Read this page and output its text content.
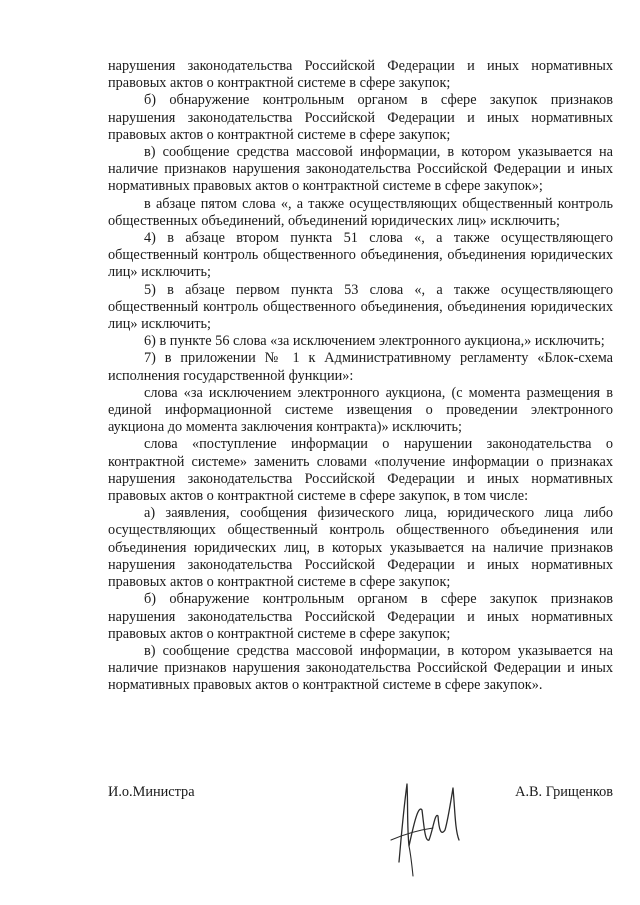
нарушения законодательства Российской Федерации и иных нормативных правовых актов о контрактной системе в сфере закупок;

б) обнаружение контрольным органом в сфере закупок признаков нарушения законодательства Российской Федерации и иных нормативных правовых актов о контрактной системе в сфере закупок;

в) сообщение средства массовой информации, в котором указывается на наличие признаков нарушения законодательства Российской Федерации и иных нормативных правовых актов о контрактной системе в сфере закупок»;

в абзаце пятом слова «, а также осуществляющих общественный контроль общественных объединений, объединений юридических лиц» исключить;

4) в абзаце втором пункта 51 слова «, а также осуществляющего общественный контроль общественного объединения, объединения юридических лиц» исключить;

5) в абзаце первом пункта 53 слова «, а также осуществляющего общественный контроль общественного объединения, объединения юридических лиц» исключить;

6) в пункте 56 слова «за исключением электронного аукциона,» исключить;

7) в приложении № 1 к Административному регламенту «Блок-схема исполнения государственной функции»:

слова «за исключением электронного аукциона, (с момента размещения в единой информационной системе извещения о проведении электронного аукциона до момента заключения контракта)» исключить;

слова «поступление информации о нарушении законодательства о контрактной системе» заменить словами «получение информации о признаках нарушения законодательства Российской Федерации и иных нормативных правовых актов о контрактной системе в сфере закупок, в том числе:

а) заявления, сообщения физического лица, юридического лица либо осуществляющих общественный контроль общественного объединения или объединения юридических лиц, в которых указывается на наличие признаков нарушения законодательства Российской Федерации и иных нормативных правовых актов о контрактной системе в сфере закупок;

б) обнаружение контрольным органом в сфере закупок признаков нарушения законодательства Российской Федерации и иных нормативных правовых актов о контрактной системе в сфере закупок;

в) сообщение средства массовой информации, в котором указывается на наличие признаков нарушения законодательства Российской Федерации и иных нормативных правовых актов о контрактной системе в сфере закупок».

И.о.Министра	А.В. Грищенков
